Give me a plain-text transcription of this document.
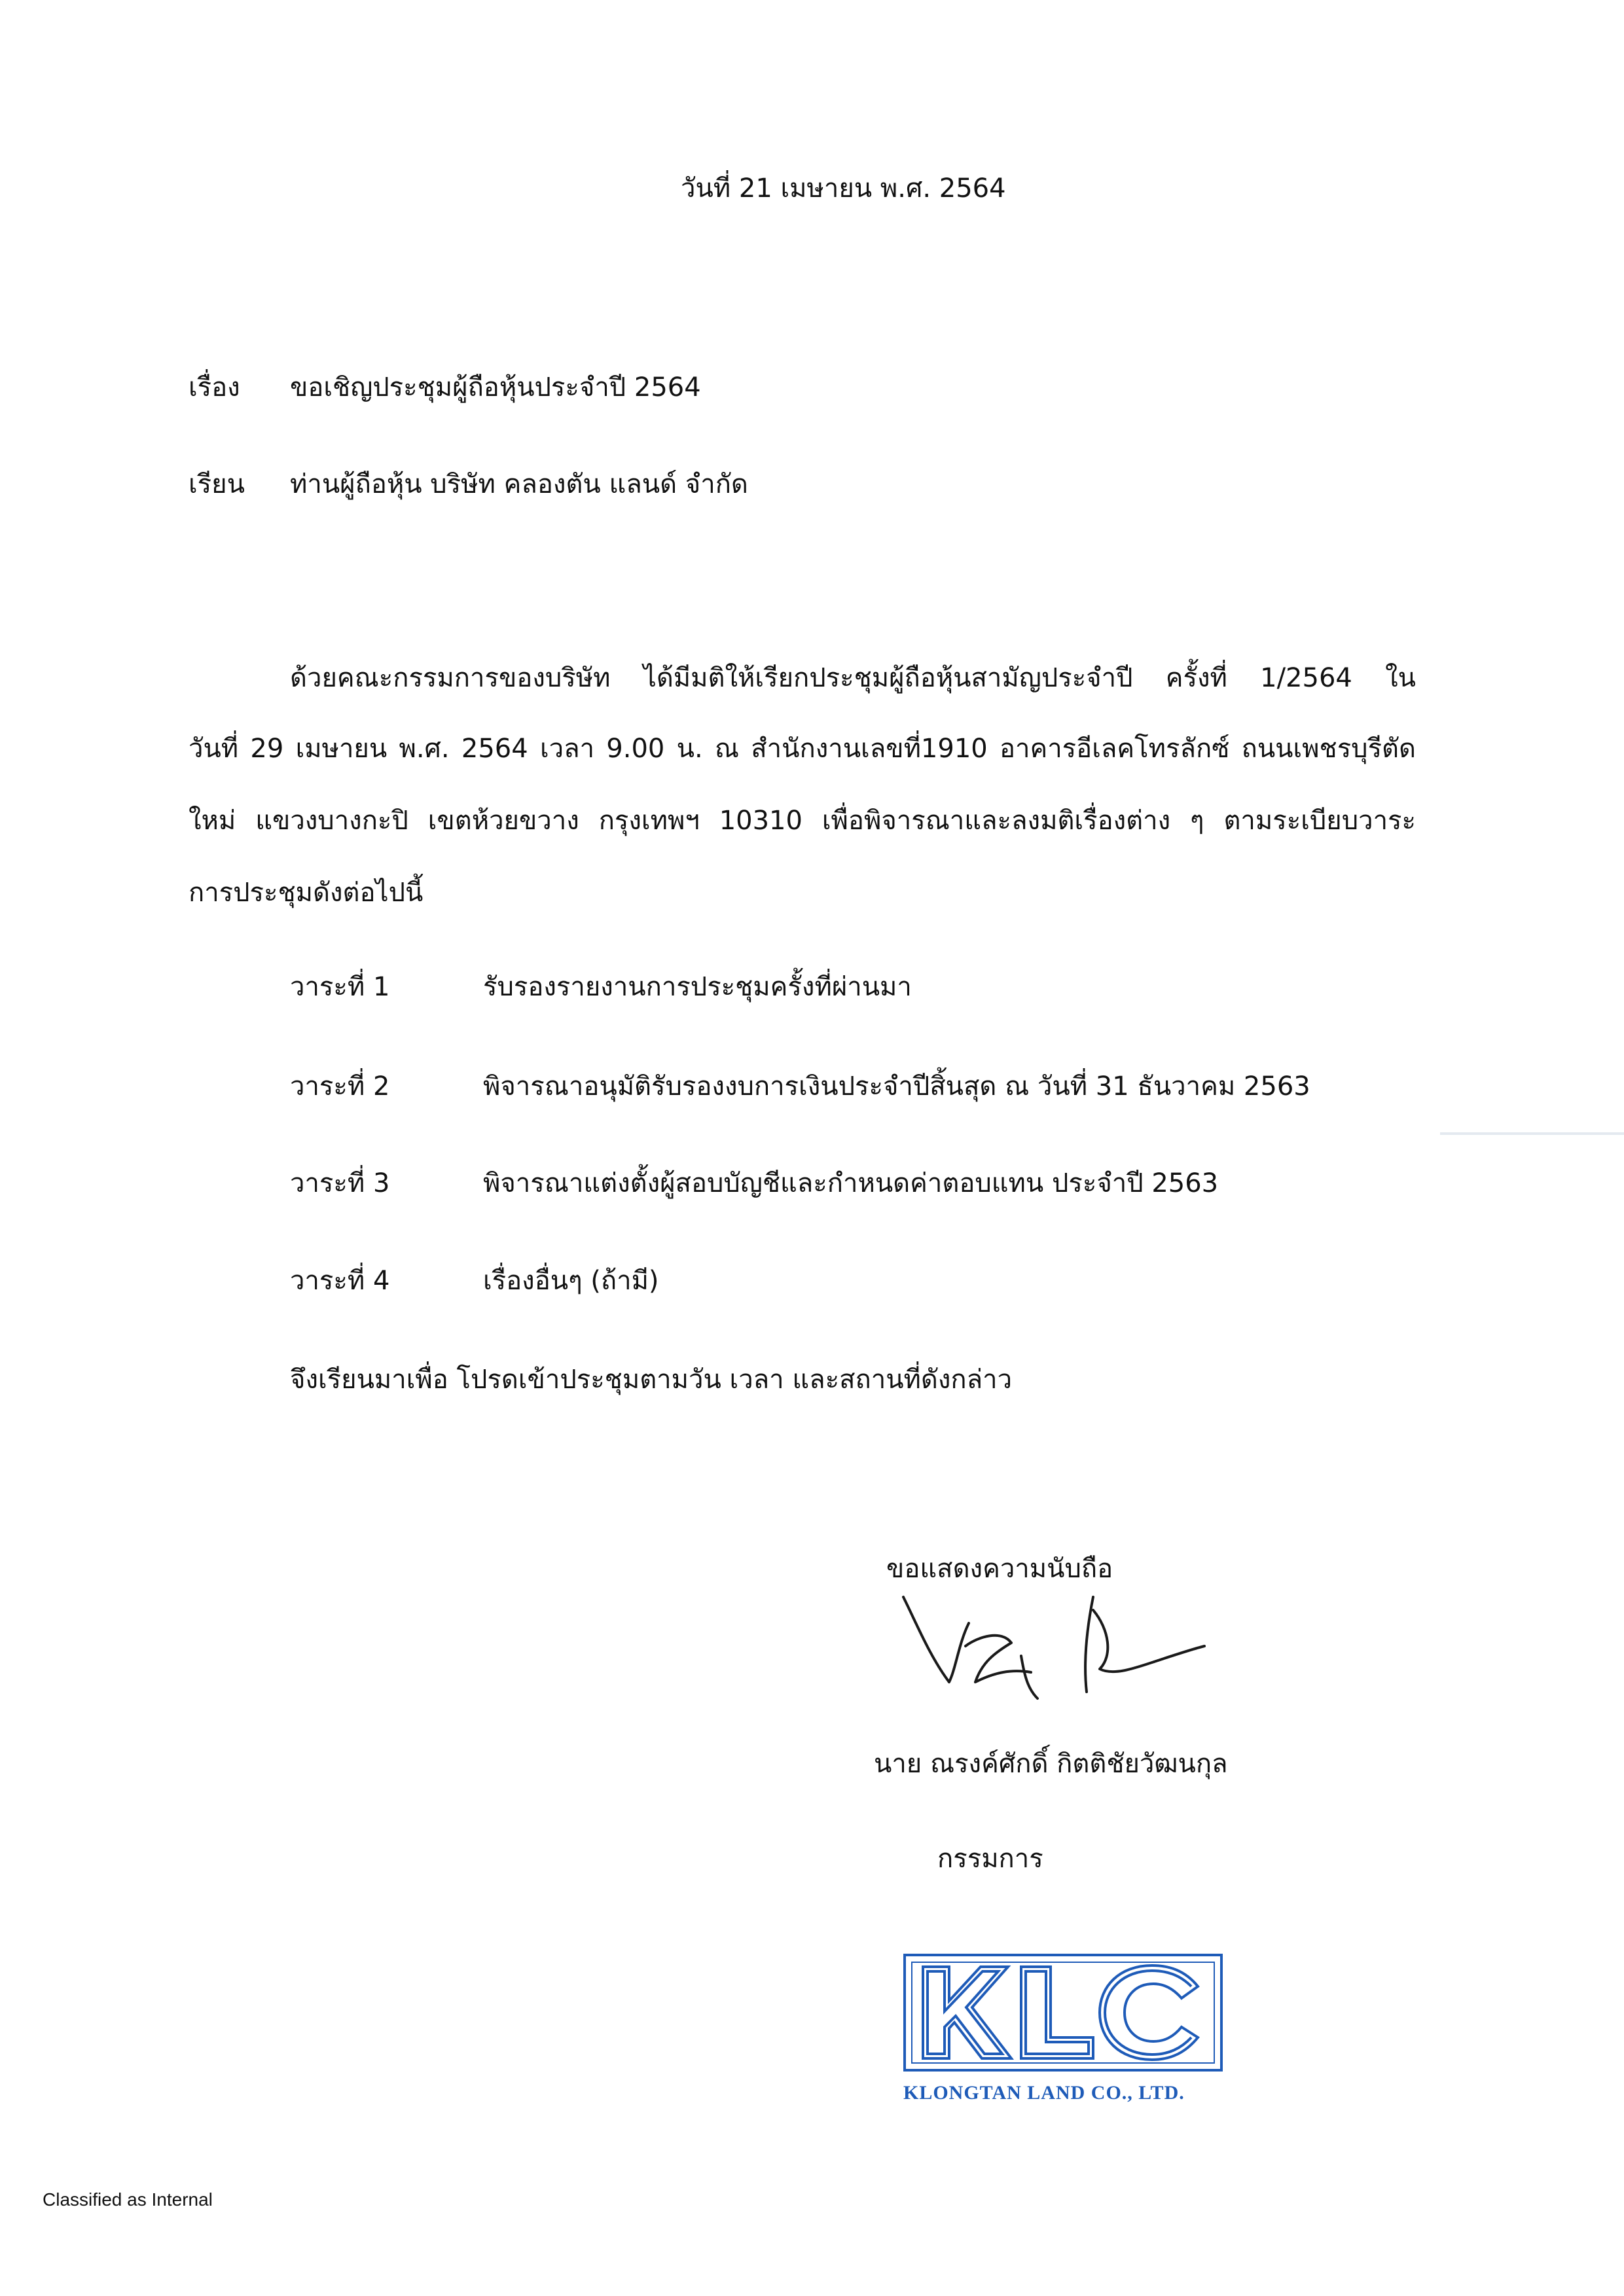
วันที่ 21 เมษายน พ.ศ. 2564
เรื่อง ขอเชิญประชุมผู้ถือหุ้นประจำปี 2564
เรียน ท่านผู้ถือหุ้น บริษัท คลองตัน แลนด์ จำกัด
ด้วยคณะกรรมการของบริษัท ได้มีมติให้เรียกประชุมผู้ถือหุ้นสามัญประจำปี ครั้งที่ 1/2564 ใน
วันที่ 29 เมษายน พ.ศ. 2564 เวลา 9.00 น. ณ สำนักงานเลขที่1910 อาคารอีเลคโทรลักซ์ ถนนเพชรบุรีตัด
ใหม่ แขวงบางกะปิ เขตห้วยขวาง กรุงเทพฯ 10310 เพื่อพิจารณาและลงมติเรื่องต่าง ๆ ตามระเบียบวาระ
การประชุมดังต่อไปนี้
วาระที่ 1	รับรองรายงานการประชุมครั้งที่ผ่านมา
วาระที่ 2	พิจารณาอนุมัติรับรองงบการเงินประจำปีสิ้นสุด ณ วันที่ 31 ธันวาคม 2563
วาระที่ 3	พิจารณาแต่งตั้งผู้สอบบัญชีและกำหนดค่าตอบแทน ประจำปี 2563
วาระที่ 4	เรื่องอื่นๆ (ถ้ามี)
จึงเรียนมาเพื่อ โปรดเข้าประชุมตามวัน เวลา และสถานที่ดังกล่าว
ขอแสดงความนับถือ
นาย ณรงค์ศักดิ์ กิตติชัยวัฒนกุล
กรรมการ
KLONGTAN LAND CO., LTD.
Classified as Internal
